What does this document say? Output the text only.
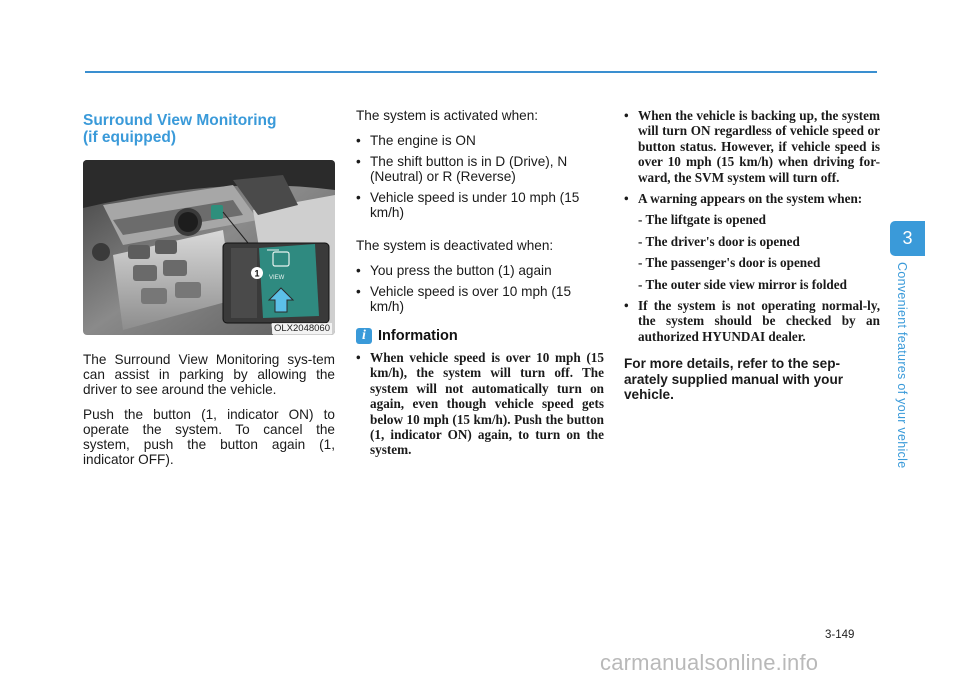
Surround View Monitoring
(if equipped)
VIEW
1
OLX2048060

The Surround View Monitoring sys-tem can assist in parking by allowing the driver to see around the vehicle.

Push the button (1, indicator ON) to operate the system. To cancel the system, push the button again (1, indicator OFF).

The system is activated when:

• The engine is ON
• The shift button is in D (Drive), N (Neutral) or R (Reverse)
• Vehicle speed is under 10 mph (15 km/h)

The system is deactivated when:

• You press the button (1) again
• Vehicle speed is over 10 mph (15 km/h)
i Information
• When vehicle speed is over 10 mph (15 km/h), the system will turn off. The system will not automatically turn on again, even though vehicle speed gets below 10 mph (15 km/h). Push the button (1, indicator ON) again, to turn on the system.
• When the vehicle is backing up, the system will turn ON regardless of vehicle speed or button status. However, if vehicle speed is over 10 mph (15 km/h) when driving for-ward, the SVM system will turn off.
• A warning appears on the system when:
- The liftgate is opened
- The driver's door is opened
- The passenger's door is opened
- The outer side view mirror is folded
• If the system is not operating normal-ly, the system should be checked by an authorized HYUNDAI dealer.
For more details, refer to the sep-arately supplied manual with your vehicle.
3
Convenient features of your vehicle
3-149
carmanualsonline.info
